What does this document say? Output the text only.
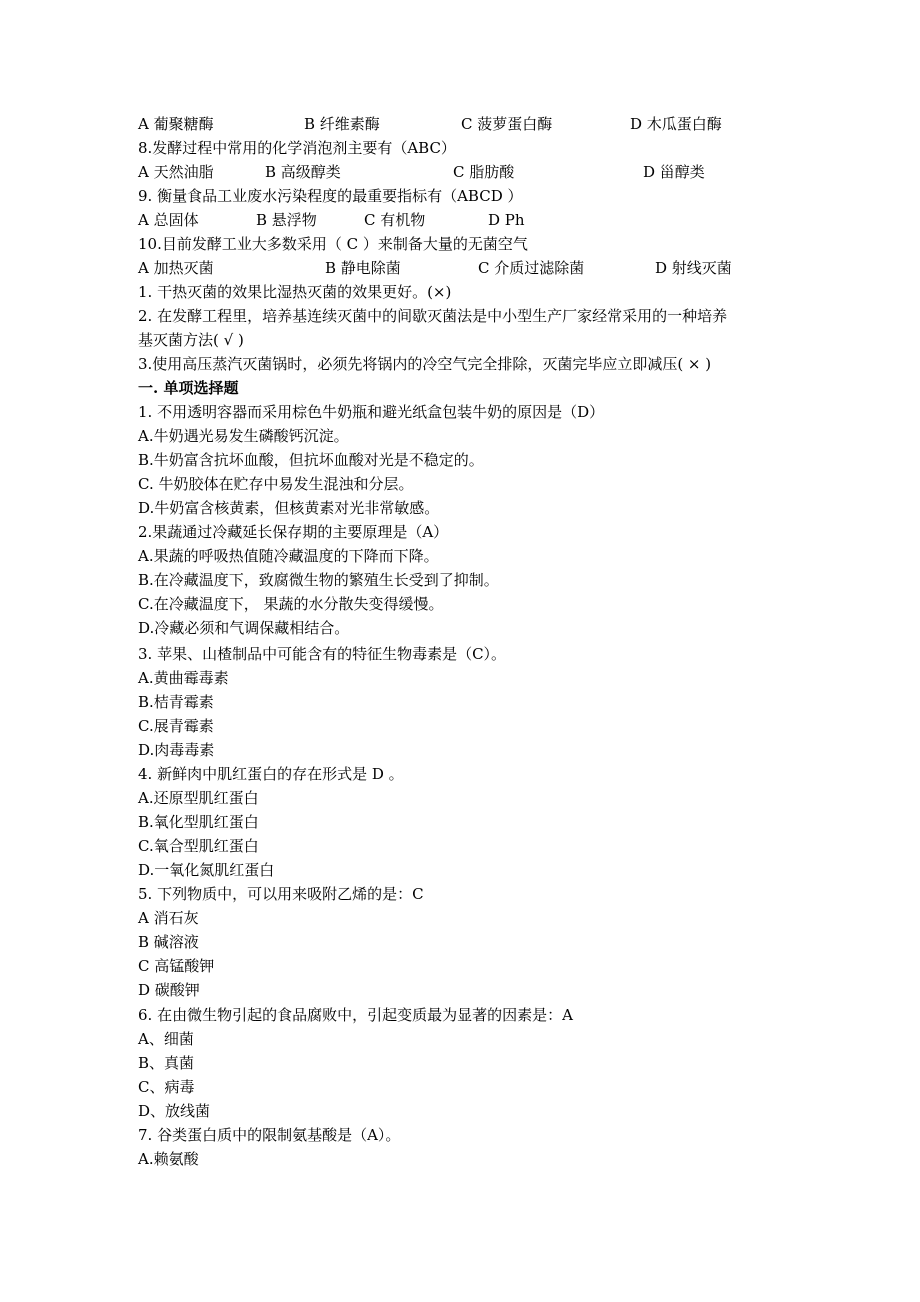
A 葡聚糖酶	B 纤维素酶	C 菠萝蛋白酶	D 木瓜蛋白酶
8.发酵过程中常用的化学消泡剂主要有（ABC）
A 天然油脂	B 高级醇类	C 脂肪酸	D 甾醇类
9. 衡量食品工业废水污染程度的最重要指标有（ABCD ）
A 总固体	B 悬浮物	C 有机物	D Ph
10.目前发酵工业大多数采用（ C ）来制备大量的无菌空气
A 加热灭菌	B 静电除菌	C 介质过滤除菌	D 射线灭菌
1. 干热灭菌的效果比湿热灭菌的效果更好。(×)
2. 在发酵工程里，培养基连续灭菌中的间歇灭菌法是中小型生产厂家经常采用的一种培养
基灭菌方法( √ )
3.使用高压蒸汽灭菌锅时，必须先将锅内的冷空气完全排除，灭菌完毕应立即减压( × )
一. 单项选择题
1. 不用透明容器而采用棕色牛奶瓶和避光纸盒包装牛奶的原因是（D）
A.牛奶遇光易发生磷酸钙沉淀。
B.牛奶富含抗坏血酸，但抗坏血酸对光是不稳定的。
C. 牛奶胶体在贮存中易发生混浊和分层。
D.牛奶富含核黄素，但核黄素对光非常敏感。
2.果蔬通过冷藏延长保存期的主要原理是（A）
A.果蔬的呼吸热值随冷藏温度的下降而下降。
B.在冷藏温度下，致腐微生物的繁殖生长受到了抑制。
C.在冷藏温度下， 果蔬的水分散失变得缓慢。
D.冷藏必须和气调保藏相结合。
3. 苹果、山楂制品中可能含有的特征生物毒素是（C）。
A.黄曲霉毒素
B.桔青霉素
C.展青霉素
D.肉毒毒素
4. 新鲜肉中肌红蛋白的存在形式是 D 。
A.还原型肌红蛋白
B.氧化型肌红蛋白
C.氧合型肌红蛋白
D.一氧化氮肌红蛋白
5. 下列物质中，可以用来吸附乙烯的是：C
A 消石灰
B 碱溶液
C 高锰酸钾
D 碳酸钾
6. 在由微生物引起的食品腐败中，引起变质最为显著的因素是：A
A、细菌
B、真菌
C、病毒
D、放线菌
7. 谷类蛋白质中的限制氨基酸是（A）。
A.赖氨酸
